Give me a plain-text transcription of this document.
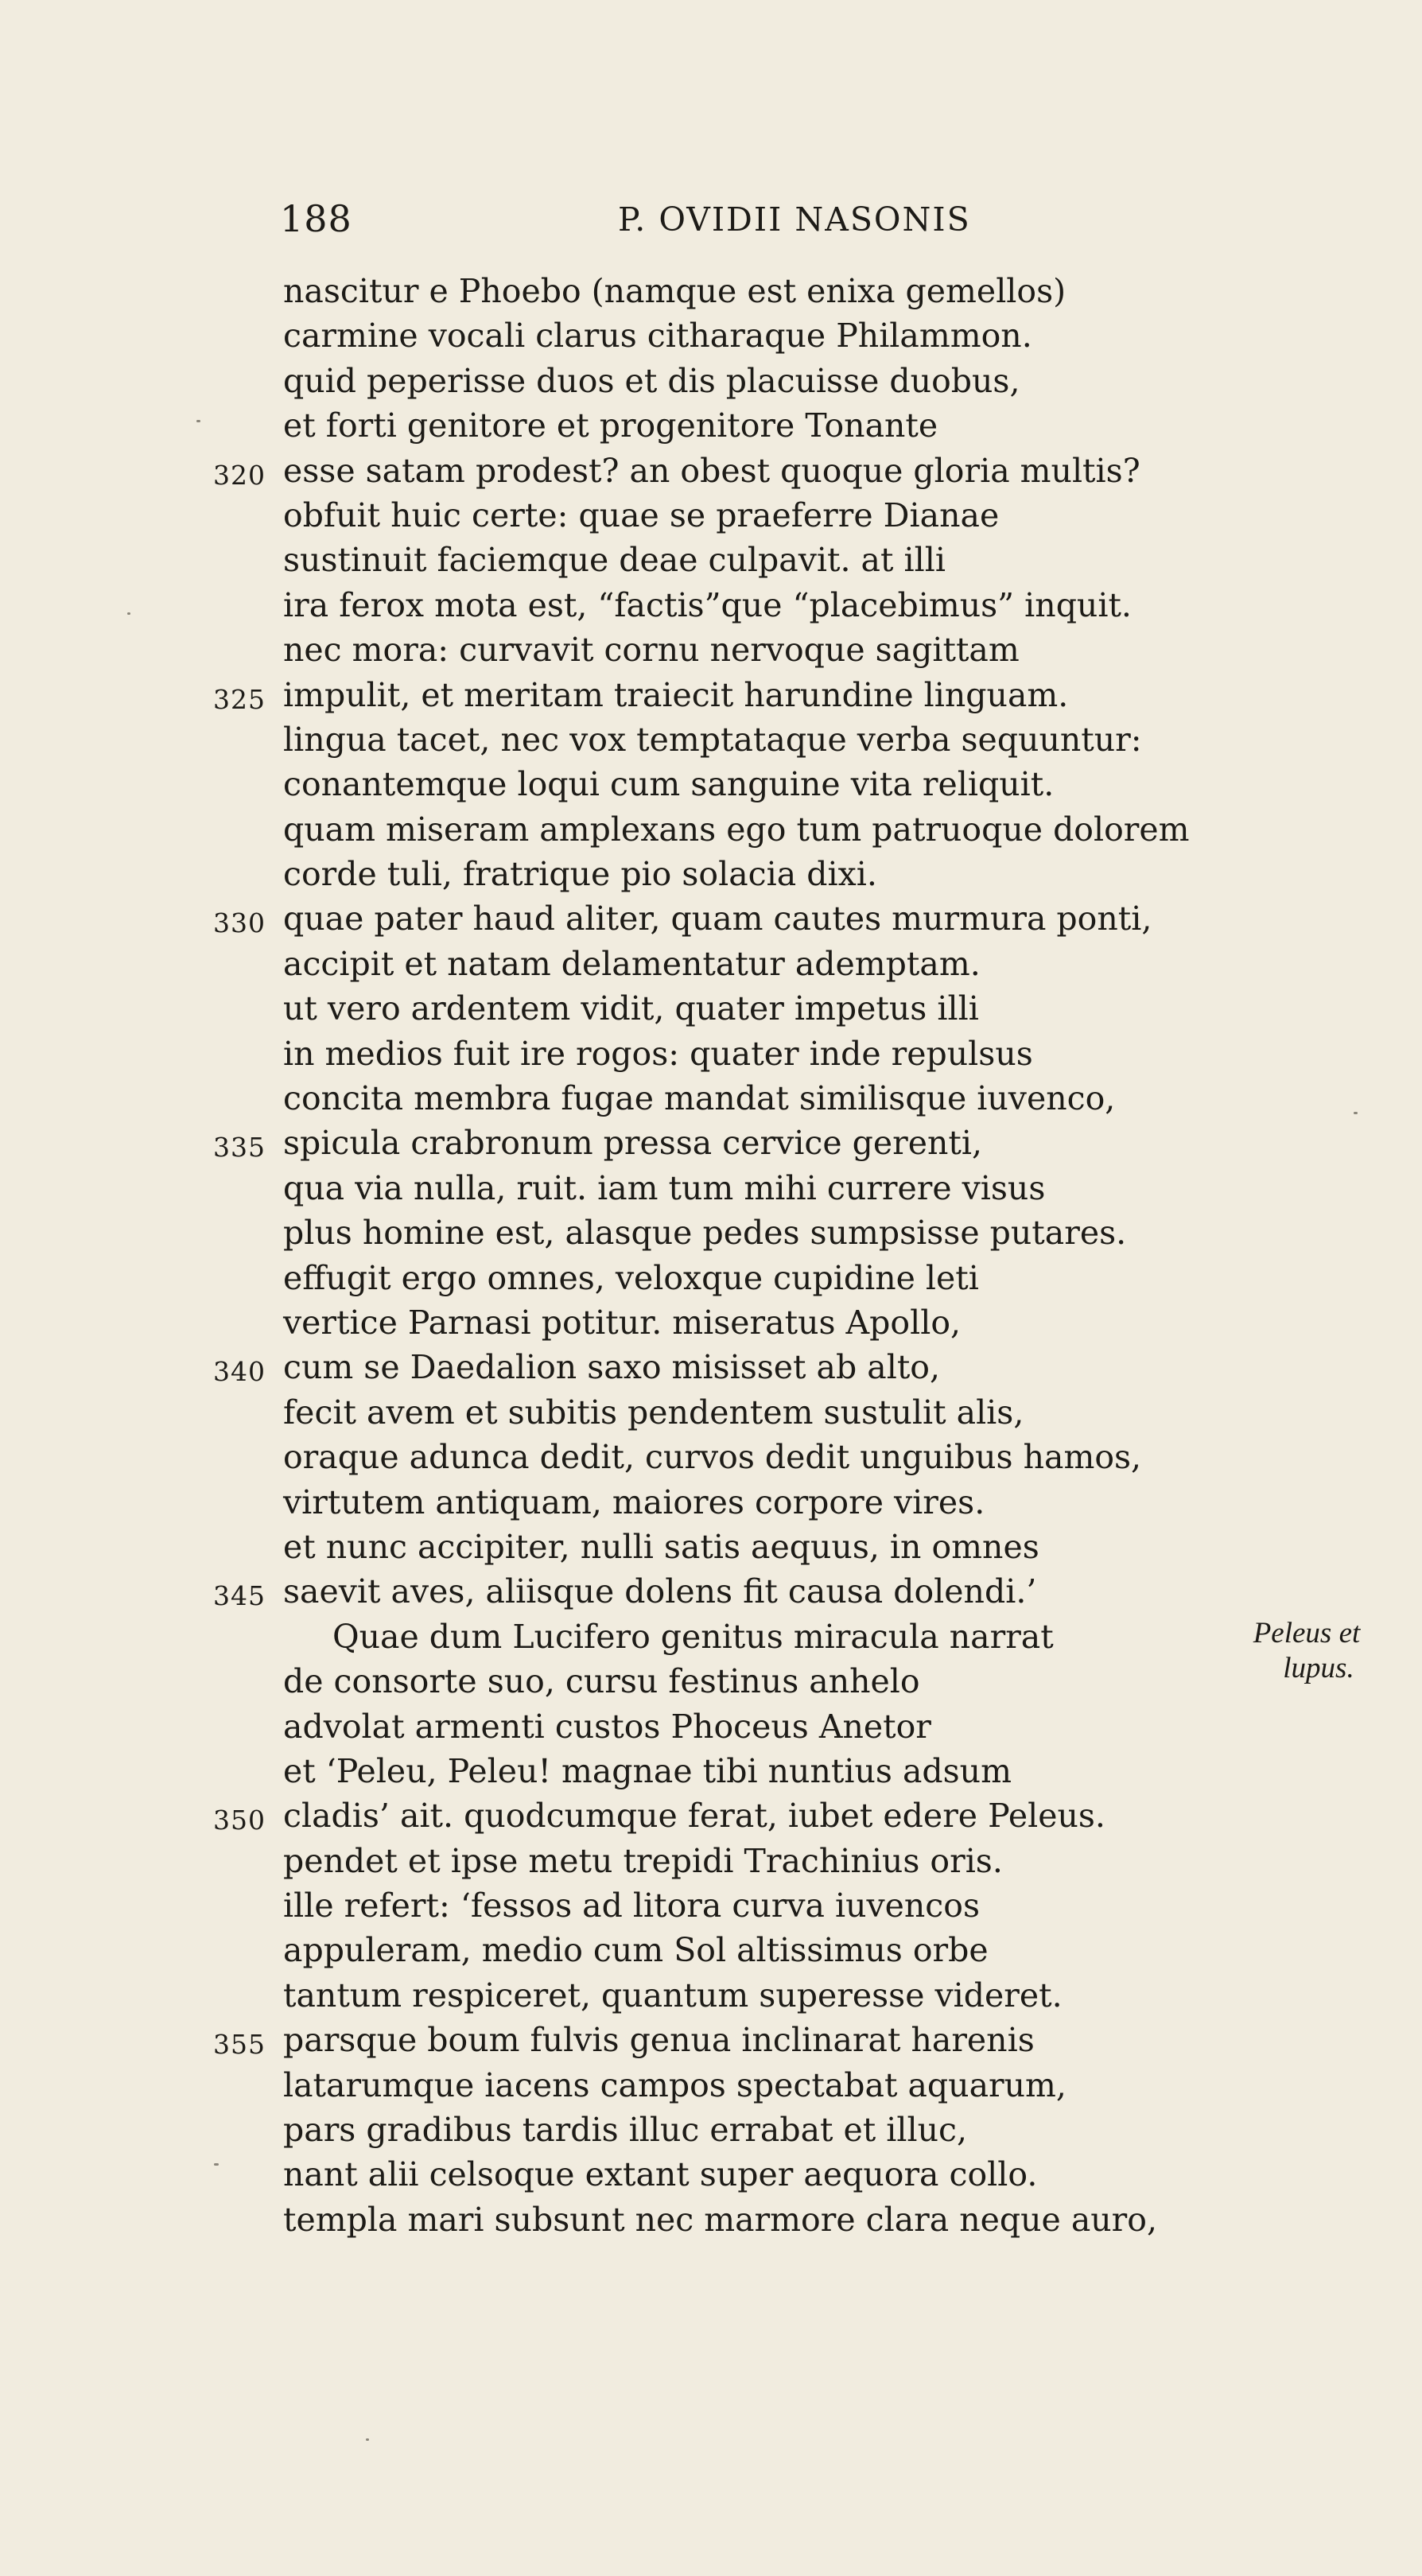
188	P. OVIDII NASONIS
nascitur e Phoebo (namque est enixa gemellos)
carmine vocali clarus citharaque Philammon.
quid peperisse duos et dis placuisse duobus,
et forti genitore et progenitore Tonante
320 esse satam prodest? an obest quoque gloria multis?
obfuit huic certe: quae se praeferre Dianae
sustinuit faciemque deae culpavit. at illi
ira ferox mota est, “factis”que “placebimus” inquit.
nec mora: curvavit cornu nervoque sagittam
325 impulit, et meritam traiecit harundine linguam.
lingua tacet, nec vox temptataque verba sequuntur:
conantemque loqui cum sanguine vita reliquit.
quam miseram amplexans ego tum patruoque dolorem
corde tuli, fratrique pio solacia dixi.
330 quae pater haud aliter, quam cautes murmura ponti,
accipit et natam delamentatur ademptam.
ut vero ardentem vidit, quater impetus illi
in medios fuit ire rogos: quater inde repulsus
concita membra fugae mandat similisque iuvenco,
335 spicula crabronum pressa cervice gerenti,
qua via nulla, ruit. iam tum mihi currere visus
plus homine est, alasque pedes sumpsisse putares.
effugit ergo omnes, veloxque cupidine leti
vertice Parnasi potitur. miseratus Apollo,
340 cum se Daedalion saxo misisset ab alto,
fecit avem et subitis pendentem sustulit alis,
oraque adunca dedit, curvos dedit unguibus hamos,
virtutem antiquam, maiores corpore vires.
et nunc accipiter, nulli satis aequus, in omnes
345 saevit aves, aliisque dolens fit causa dolendi.’
Quae dum Lucifero genitus miracula narrat
de consorte suo, cursu festinus anhelo
advolat armenti custos Phoceus Anetor
et ‘Peleu, Peleu! magnae tibi nuntius adsum
350 cladis’ ait. quodcumque ferat, iubet edere Peleus.
pendet et ipse metu trepidi Trachinius oris.
ille refert: ‘fessos ad litora curva iuvencos
appuleram, medio cum Sol altissimus orbe
tantum respiceret, quantum superesse videret.
355 parsque boum fulvis genua inclinarat harenis
latarumque iacens campos spectabat aquarum,
pars gradibus tardis illuc errabat et illuc,
nant alii celsoque extant super aequora collo.
templa mari subsunt nec marmore clara neque auro,
Peleus et
lupus.
